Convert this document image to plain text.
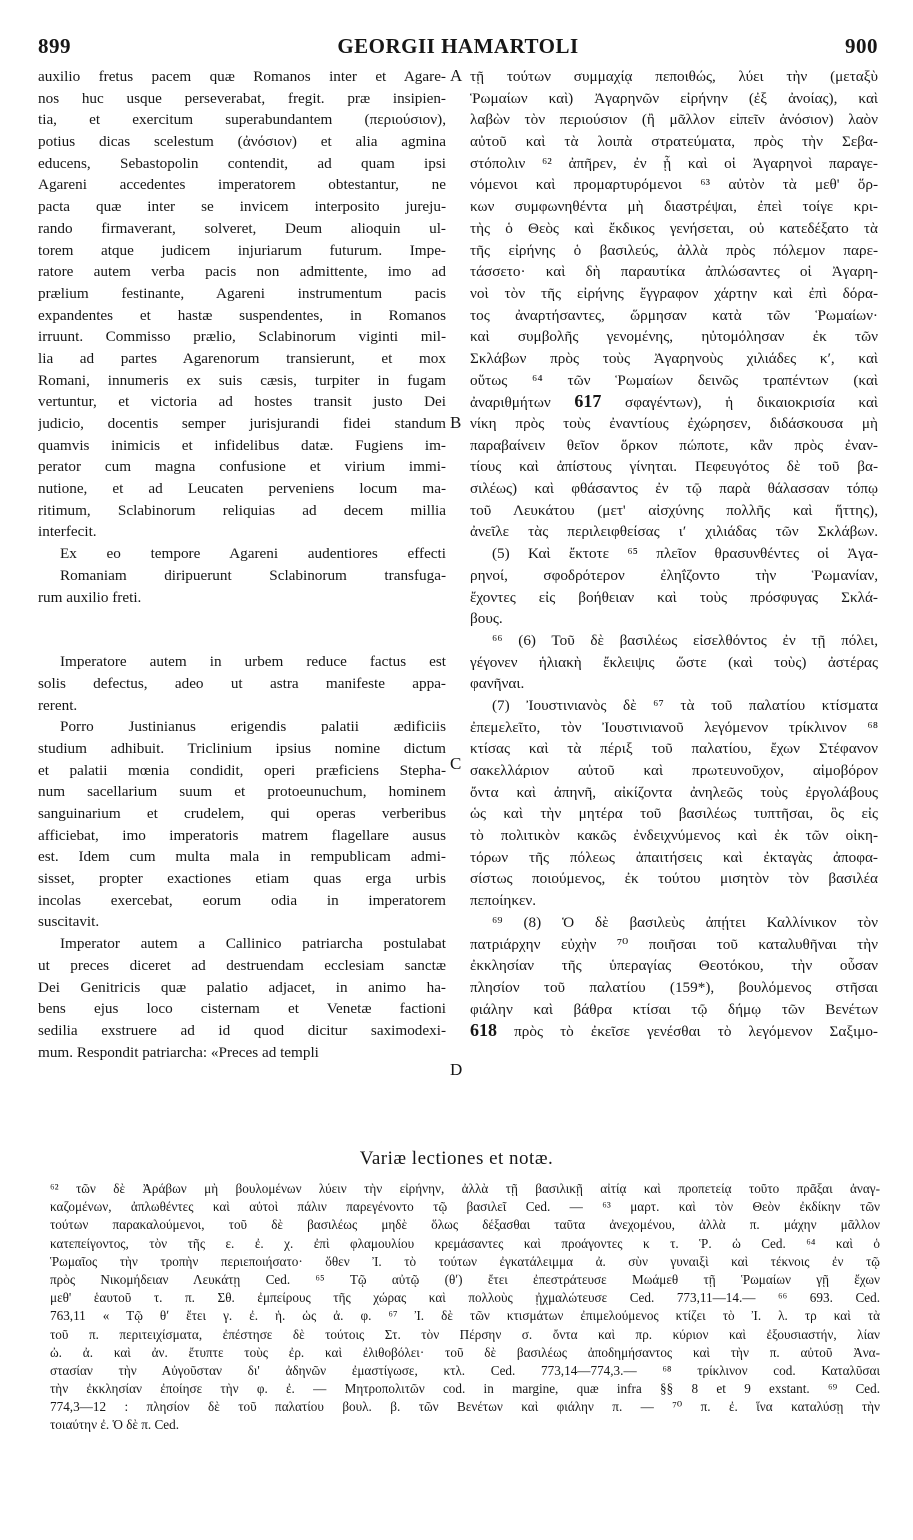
899	GEORGII HAMARTOLI	900
auxilio fretus pacem quæ Romanos inter et Agare-
nos huc usque perseverabat, fregit. præ insipien-
tia, et exercitum superabundantem (περιούσιον),
potius dicas scelestum (ἀνόσιον) et alia agmina
educens, Sebastopolin contendit, ad quam ipsi
Agareni accedentes imperatorem obtestantur, ne
pacta quæ inter se invicem interposito jureju-
rando firmaverant, solveret, Deum alioquin ul-
torem atque judicem injuriarum futurum. Impe-
ratore autem verba pacis non admittente, imo ad
prælium festinante, Agareni instrumentum pacis
expandentes et hastæ suspendentes, in Romanos
irruunt. Commisso prælio, Sclabinorum viginti mil-
lia ad partes Agarenorum transierunt, et mox
Romani, innumeris ex suis cæsis, turpiter in fugam
vertuntur, et victoria ad hostes transit justo Dei
judicio, docentis semper jurisjurandi fidei standum
quamvis inimicis et infidelibus datæ. Fugiens im-
perator cum magna confusione et virium immi-
nutione, et ad Leucaten perveniens locum ma-
ritimum, Sclabinorum reliquias ad decem millia
interfecit.
Ex eo tempore Agareni audentiores effecti
Romaniam diripuerunt Sclabinorum transfuga-
rum auxilio freti.
Imperatore autem in urbem reduce factus est
solis defectus, adeo ut astra manifeste appa-
rerent.
Porro Justinianus erigendis palatii ædificiis
studium adhibuit. Triclinium ipsius nomine dictum
et palatii mœnia condidit, operi præficiens Stepha-
num sacellarium suum et protoeunuchum, hominem
sanguinarium et crudelem, qui operas verberibus
afficiebat, imo imperatoris matrem flagellare ausus
est. Idem cum multa mala in rempublicam admi-
sisset, propter exactiones etiam quas erga urbis
incolas exercebat, eorum odia in imperatorem
suscitavit.
Imperator autem a Callinico patriarcha postulabat
ut preces diceret ad destruendam ecclesiam sanctæ
Dei Genitricis quæ palatio adjacet, in animo ha-
bens ejus loco cisternam et Venetæ factioni
sedilia exstruere ad id quod dicitur saximodexi-
mum. Respondit patriarcha: «Preces ad templi
τῇ τούτων συμμαχίᾳ πεποιθώς, λύει τὴν (μεταξὺ
Ῥωμαίων καὶ) Ἀγαρηνῶν εἰρήνην (ἐξ ἀνοίας), καὶ
λαβὼν τὸν περιούσιον (ἢ μᾶλλον εἰπεῖν ἀνόσιον) λαὸν
αὐτοῦ καὶ τὰ λοιπὰ στρατεύματα, πρὸς τὴν Σεβα-
στόπολιν ⁶² ἀπῆρεν, ἐν ᾗ καὶ οἱ Ἀγαρηνοὶ παραγε-
νόμενοι καὶ προμαρτυρόμενοι ⁶³ αὐτὸν τὰ μεθ' ὅρ-
κων συμφωνηθέντα μὴ διαστρέψαι, ἐπεὶ τοίγε κρι-
τὴς ὁ Θεὸς καὶ ἔκδικος γενήσεται, οὐ κατεδέξατο τὰ
τῆς εἰρήνης ὁ βασιλεύς, ἀλλὰ πρὸς πόλεμον παρε-
τάσσετο· καὶ δὴ παραυτίκα ἀπλώσαντες οἱ Ἀγαρη-
νοὶ τὸν τῆς εἰρήνης ἔγγραφον χάρτην καὶ ἐπὶ δόρα-
τος ἀναρτήσαντες, ὥρμησαν κατὰ τῶν Ῥωμαίων·
καὶ συμβολῆς γενομένης, ηὐτομόλησαν ἐκ τῶν
Σκλάβων πρὸς τοὺς Ἀγαρηνοὺς χιλιάδες κʹ, καὶ
οὕτως ⁶⁴ τῶν Ῥωμαίων δεινῶς τραπέντων (καὶ
ἀναριθμήτων 617 σφαγέντων), ἡ δικαιοκρισία καὶ
νίκη πρὸς τοὺς ἐναντίους ἐχώρησεν, διδάσκουσα μὴ
παραβαίνειν θεῖον ὅρκον πώποτε, κἂν πρὸς ἐναν-
τίους καὶ ἀπίστους γίνηται. Πεφευγότος δὲ τοῦ βα-
σιλέως) καὶ φθάσαντος ἐν τῷ παρὰ θάλασσαν τόπῳ
τοῦ Λευκάτου (μετ' αἰσχύνης πολλῆς καὶ ἥττης),
ἀνεῖλε τὰς περιλειφθείσας ιʹ χιλιάδας τῶν Σκλάβων.
(5) Καὶ ἔκτοτε ⁶⁵ πλεῖον θρασυνθέντες οἱ Ἀγα-
ρηνοί, σφοδρότερον ἐληΐζοντο τὴν Ῥωμανίαν,
ἔχοντες εἰς βοήθειαν καὶ τοὺς πρόσφυγας Σκλά-
βους.
⁶⁶ (6) Τοῦ δὲ βασιλέως εἰσελθόντος ἐν τῇ πόλει,
γέγονεν ἡλιακὴ ἔκλειψις ὥστε (καὶ τοὺς) ἀστέρας
φανῆναι.
(7) Ἰουστινιανὸς δὲ ⁶⁷ τὰ τοῦ παλατίου κτίσματα
ἐπεμελεῖτο, τὸν Ἰουστινιανοῦ λεγόμενον τρίκλινον ⁶⁸
κτίσας καὶ τὰ πέριξ τοῦ παλατίου, ἔχων Στέφανον
σακελλάριον αὐτοῦ καὶ πρωτευνοῦχον, αἱμοβόρον
ὄντα καὶ ἀπηνῆ, αἰκίζοντα ἀνηλεῶς τοὺς ἐργολάβους
ὡς καὶ τὴν μητέρα τοῦ βασιλέως τυπτῆσαι, ὃς εἰς
τὸ πολιτικὸν κακῶς ἐνδειχνύμενος καὶ ἐκ τῶν οἰκη-
τόρων τῆς πόλεως ἀπαιτήσεις καὶ ἐκταγὰς ἀποφα-
σίστως ποιούμενος, ἐκ τούτου μισητὸν τὸν βασιλέα
πεποίηκεν.
⁶⁹ (8) Ὁ δὲ βασιλεὺς ἀπῄτει Καλλίνικον τὸν
πατριάρχην εὐχὴν ⁷⁰ ποιῆσαι τοῦ καταλυθῆναι τὴν
ἐκκλησίαν τῆς ὑπεραγίας Θεοτόκου, τὴν οὖσαν
πλησίον τοῦ παλατίου (159*), βουλόμενος στῆσαι
φιάλην καὶ βάθρα κτίσαι τῷ δήμῳ τῶν Βενέτων
618 πρὸς τὸ ἐκεῖσε γενέσθαι τὸ λεγόμενον Σαξιμο-
A
B
C
D
Variæ lectiones et notæ.
⁶² τῶν δὲ Ἀράβων μὴ βουλομένων λύειν τὴν εἰρήνην, ἀλλὰ τῇ βασιλικῇ αἰτίᾳ καὶ προπετείᾳ τοῦτο πρᾶξαι ἀναγ-
καζομένων, ἀπλωθέντες καὶ αὐτοὶ πάλιν παρεγένοντο τῷ βασιλεῖ Ced. — ⁶³ μαρτ. καὶ τὸν Θεὸν ἐκδίκην τῶν
τούτων παρακαλούμενοι, τοῦ δὲ βασιλέως μηδὲ ὅλως δέξασθαι ταῦτα ἀνεχομένου, ἀλλὰ π. μάχην μᾶλλον
κατεπείγοντος, τὸν τῆς ε. ἐ. χ. ἐπὶ φλαμουλίου κρεμάσαντες καὶ προάγοντες κ τ. Ῥ. ὡ Ced. ⁶⁴ καὶ ὁ
Ῥωμαῖος τὴν τροπὴν περιεποιήσατο· ὅθεν Ἰ. τὸ τούτων ἐγκατάλειμμα ἀ. σὺν γυναιξὶ καὶ τέκνοις ἐν τῷ
πρὸς Νικομήδειαν Λευκάτῃ Ced. ⁶⁵ Τῷ αὐτῷ (θʹ) ἔτει ἐπεστράτευσε Μωάμεθ τῇ Ῥωμαίων γῇ ἔχων
μεθ' ἑαυτοῦ τ. π. Σθ. ἐμπείρους τῆς χώρας καὶ πολλοὺς ᾐχμαλώτευσε Ced. 773,11—14.— ⁶⁶ 693. Ced.
763,11 « Τῷ θʹ ἔτει γ. ἐ. ἡ. ὡς ἀ. φ. ⁶⁷ Ἰ. δὲ τῶν κτισμάτων ἐπιμελούμενος κτίζει τὸ Ἰ. λ. τρ καὶ τὰ
τοῦ π. περιτειχίσματα, ἐπέστησε δὲ τούτοις Στ. τὸν Πέρσην σ. ὄντα καὶ πρ. κύριον καὶ ἐξουσιαστήν, λίαν
ὠ. ἀ. καὶ ἀν. ἔτυπτε τοὺς ἐρ. καὶ ἐλιθοβόλει· τοῦ δὲ βασιλέως ἀποδημήσαντος καὶ τὴν π. αὐτοῦ Ἀνα-
στασίαν τὴν Αὐγοῦσταν δι' ἀδηνῶν ἐμαστίγωσε, κτλ. Ced. 773,14—774,3.— ⁶⁸ τρίκλινον cod. Καταλῦσαι
τὴν ἐκκλησίαν ἐποίησε τὴν φ. ἐ. — Μητροπολιτῶν cod. in margine, quæ infra §§ 8 et 9 exstant. ⁶⁹ Ced.
774,3—12 : πλησίον δὲ τοῦ παλατίου βουλ. β. τῶν Βενέτων καὶ φιάλην π. — ⁷⁰ π. ἐ. ἵνα καταλύσῃ τὴν
τοιαύτην ἐ. Ὁ δὲ π. Ced.
